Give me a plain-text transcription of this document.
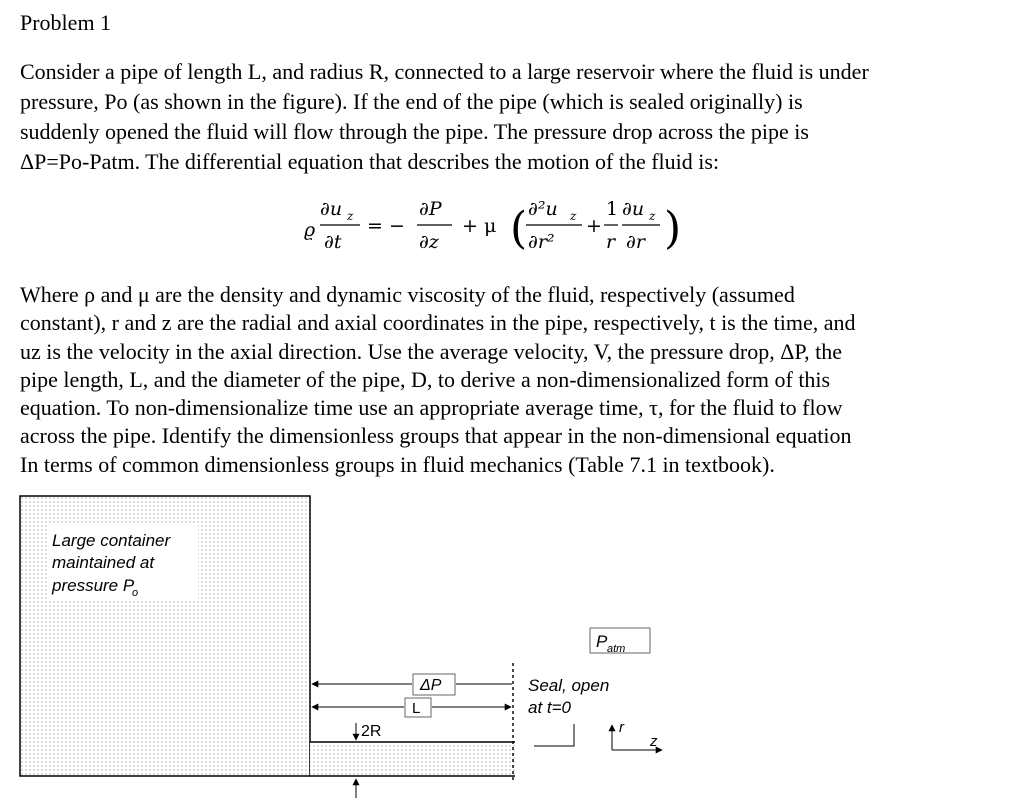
Problem 1
Consider a pipe of length L, and radius R, connected to a large reservoir where the fluid is under
pressure, Po (as shown in the figure). If the end of the pipe (which is sealed originally) is
suddenly opened the fluid will flow through the pipe. The pressure drop across the pipe is
ΔP=Po-Patm. The differential equation that describes the motion of the fluid is:
ϱ
∂u z
∂t
= −
∂P
∂z
+ μ ( ∂²u z
∂r²
+
1
r
∂u z
∂r )
Where ρ and μ are the density and dynamic viscosity of the fluid, respectively (assumed
constant), r and z are the radial and axial coordinates in the pipe, respectively, t is the time, and
uz is the velocity in the axial direction. Use the average velocity, V, the pressure drop, ΔP, the
pipe length, L, and the diameter of the pipe, D, to derive a non-dimensionalized form of this
equation. To non-dimensionalize time use an appropriate average time, τ, for the fluid to flow
across the pipe. Identify the dimensionless groups that appear in the non-dimensional equation
In terms of common dimensionless groups in fluid mechanics (Table 7.1 in textbook).
Large container
maintained at
pressure P
o
P atm
ΔP
L
Seal, open
at t=0
2R	r
z
